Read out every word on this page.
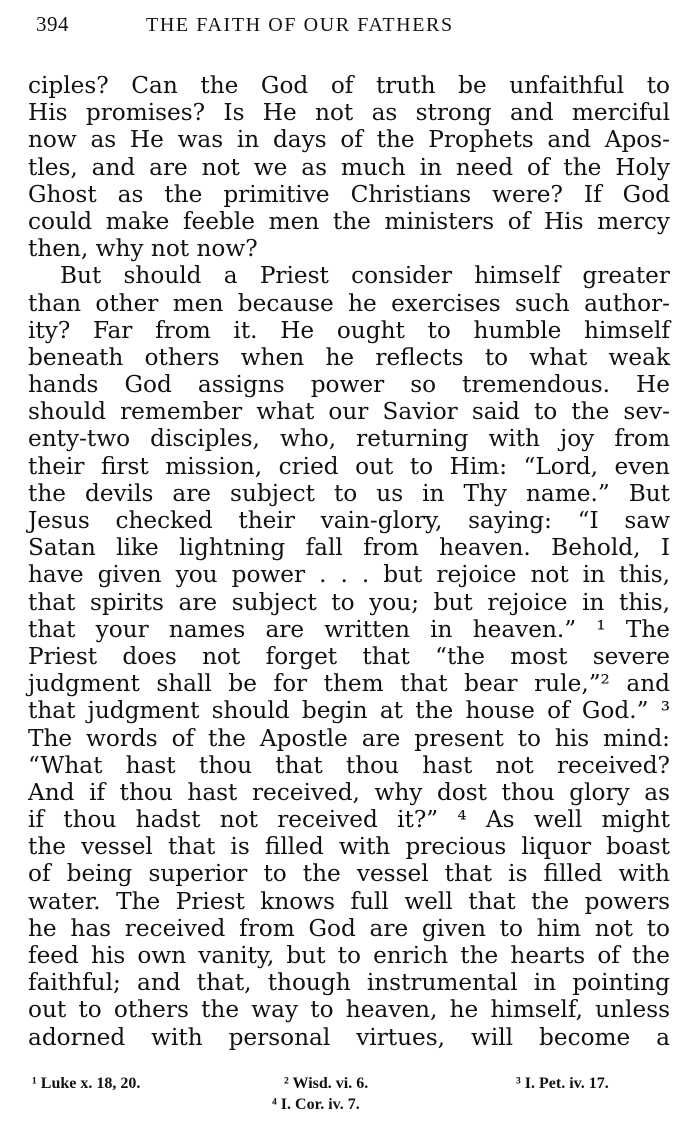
394	THE FAITH OF OUR FATHERS
ciples? Can the God of truth be unfaithful to
His promises? Is He not as strong and merciful
now as He was in days of the Prophets and Apos-
tles, and are not we as much in need of the Holy
Ghost as the primitive Christians were? If God
could make feeble men the ministers of His mercy
then, why not now?
But should a Priest consider himself greater
than other men because he exercises such author-
ity? Far from it. He ought to humble himself
beneath others when he reflects to what weak
hands God assigns power so tremendous. He
should remember what our Savior said to the sev-
enty-two disciples, who, returning with joy from
their first mission, cried out to Him: “Lord, even
the devils are subject to us in Thy name.” But
Jesus checked their vain-glory, saying: “I saw
Satan like lightning fall from heaven. Behold, I
have given you power . . . but rejoice not in this,
that spirits are subject to you; but rejoice in this,
that your names are written in heaven.” ¹ The
Priest does not forget that “the most severe
judgment shall be for them that bear rule,”² and
that judgment should begin at the house of God.” ³
The words of the Apostle are present to his mind:
“What hast thou that thou hast not received?
And if thou hast received, why dost thou glory as
if thou hadst not received it?” ⁴ As well might
the vessel that is filled with precious liquor boast
of being superior to the vessel that is filled with
water. The Priest knows full well that the powers
he has received from God are given to him not to
feed his own vanity, but to enrich the hearts of the
faithful; and that, though instrumental in pointing
out to others the way to heaven, he himself, unless
adorned with personal virtues, will become a
¹ Luke x. 18, 20.	² Wisd. vi. 6.	³ I. Pet. iv. 17.
⁴ I. Cor. iv. 7.
